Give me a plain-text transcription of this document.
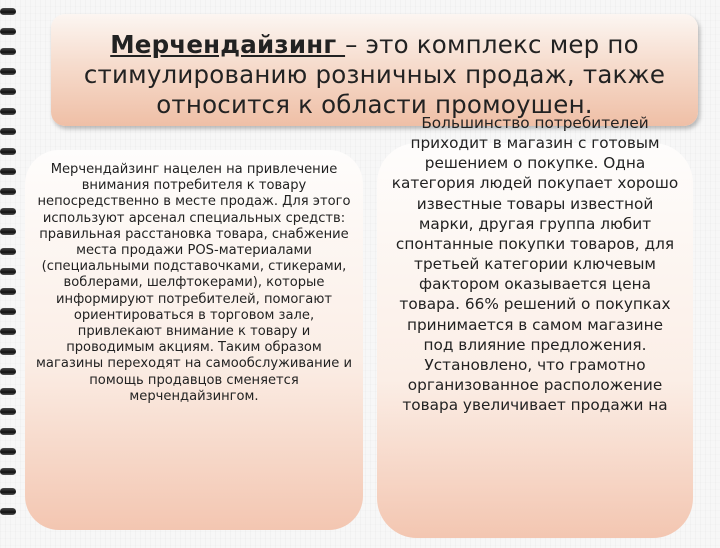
Мерчендайзинг – это комплекс мер по стимулированию розничных продаж, также относится к области промоушен.
Мерчендайзинг нацелен на привлечение внимания потребителя к товару непосредственно в месте продаж. Для этого используют арсенал специальных средств: правильная расстановка товара, снабжение места продажи POS-материалами (специальными подставочками, стикерами, воблерами, шелфтокерами), которые информируют потребителей, помогают ориентироваться в торговом зале, привлекают внимание к товару и проводимым акциям. Таким образом магазины переходят на самообслуживание и помощь продавцов сменяется мерчендайзингом.
Большинство потребителей приходит в магазин с готовым решением о покупке. Одна категория людей покупает хорошо известные товары известной марки, другая группа любит спонтанные покупки товаров, для третьей категории ключевым фактором оказывается цена товара. 66% решений о покупках принимается в самом магазине под влияние предложения. Установлено, что грамотно организованное расположение товара увеличивает продажи на
